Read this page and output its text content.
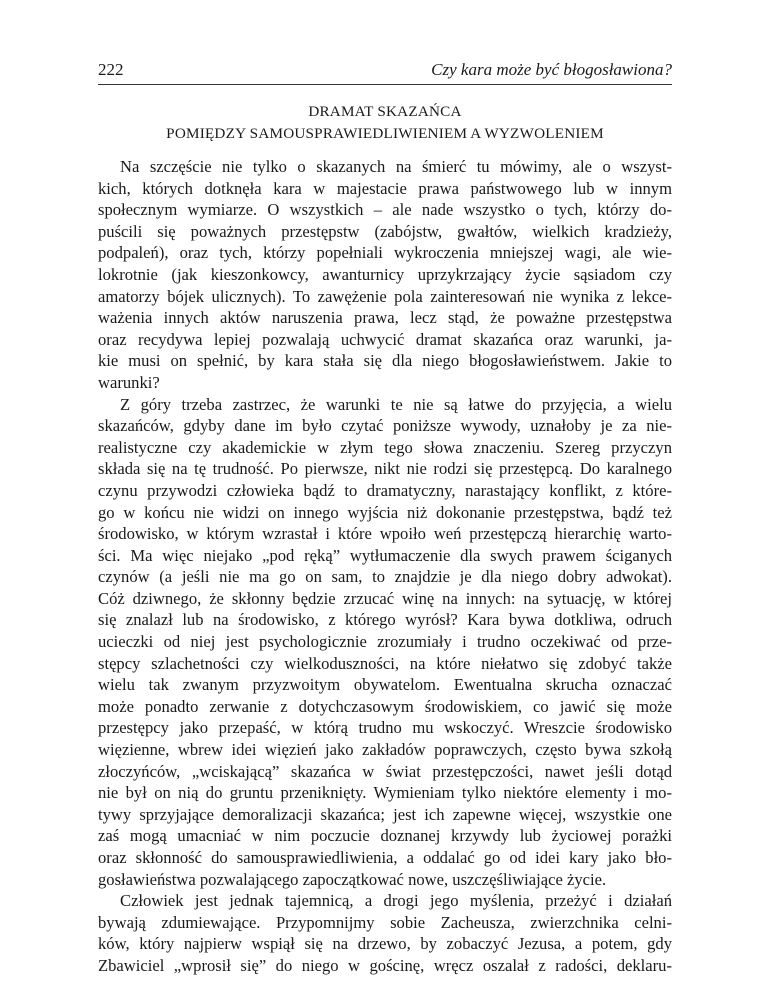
222	Czy kara może być błogosławiona?
DRAMAT SKAZAŃCA
POMIĘDZY SAMOUSPRAWIEDLIWIENIEM A WYZWOLENIEM
Na szczęście nie tylko o skazanych na śmierć tu mówimy, ale o wszyst-
kich, których dotknęła kara w majestacie prawa państwowego lub w innym
społecznym wymiarze. O wszystkich – ale nade wszystko o tych, którzy do-
puścili się poważnych przestępstw (zabójstw, gwałtów, wielkich kradzieży,
podpaleń), oraz tych, którzy popełniali wykroczenia mniejszej wagi, ale wie-
lokrotnie (jak kieszonkowcy, awanturnicy uprzykrzający życie sąsiadom czy
amatorzy bójek ulicznych). To zawężenie pola zainteresowań nie wynika z lekce-
ważenia innych aktów naruszenia prawa, lecz stąd, że poważne przestępstwa
oraz recydywa lepiej pozwalają uchwycić dramat skazańca oraz warunki, ja-
kie musi on spełnić, by kara stała się dla niego błogosławieństwem. Jakie to
warunki?
Z góry trzeba zastrzec, że warunki te nie są łatwe do przyjęcia, a wielu
skazańców, gdyby dane im było czytać poniższe wywody, uznałoby je za nie-
realistyczne czy akademickie w złym tego słowa znaczeniu. Szereg przyczyn
składa się na tę trudność. Po pierwsze, nikt nie rodzi się przestępcą. Do karalnego
czynu przywodzi człowieka bądź to dramatyczny, narastający konflikt, z które-
go w końcu nie widzi on innego wyjścia niż dokonanie przestępstwa, bądź też
środowisko, w którym wzrastał i które wpoiło weń przestępczą hierarchię warto-
ści. Ma więc niejako „pod ręką” wytłumaczenie dla swych prawem ściganych
czynów (a jeśli nie ma go on sam, to znajdzie je dla niego dobry adwokat).
Cóż dziwnego, że skłonny będzie zrzucać winę na innych: na sytuację, w której
się znalazł lub na środowisko, z którego wyrósł? Kara bywa dotkliwa, odruch
ucieczki od niej jest psychologicznie zrozumiały i trudno oczekiwać od prze-
stępcy szlachetności czy wielkoduszności, na które niełatwo się zdobyć także
wielu tak zwanym przyzwoitym obywatelom. Ewentualna skrucha oznaczać
może ponadto zerwanie z dotychczasowym środowiskiem, co jawić się może
przestępcy jako przepaść, w którą trudno mu wskoczyć. Wreszcie środowisko
więzienne, wbrew idei więzień jako zakładów poprawczych, często bywa szkołą
złoczyńców, „wciskającą” skazańca w świat przestępczości, nawet jeśli dotąd
nie był on nią do gruntu przeniknięty. Wymieniam tylko niektóre elementy i mo-
tywy sprzyjające demoralizacji skazańca; jest ich zapewne więcej, wszystkie one
zaś mogą umacniać w nim poczucie doznanej krzywdy lub życiowej porażki
oraz skłonność do samousprawiedliwienia, a oddalać go od idei kary jako bło-
gosławieństwa pozwalającego zapoczątkować nowe, uszczęśliwiające życie.
Człowiek jest jednak tajemnicą, a drogi jego myślenia, przeżyć i działań
bywają zdumiewające. Przypomnijmy sobie Zacheusza, zwierzchnika celni-
ków, który najpierw wspiął się na drzewo, by zobaczyć Jezusa, a potem, gdy
Zbawiciel „wprosił się” do niego w gościnę, wręcz oszalał z radości, deklaru-
